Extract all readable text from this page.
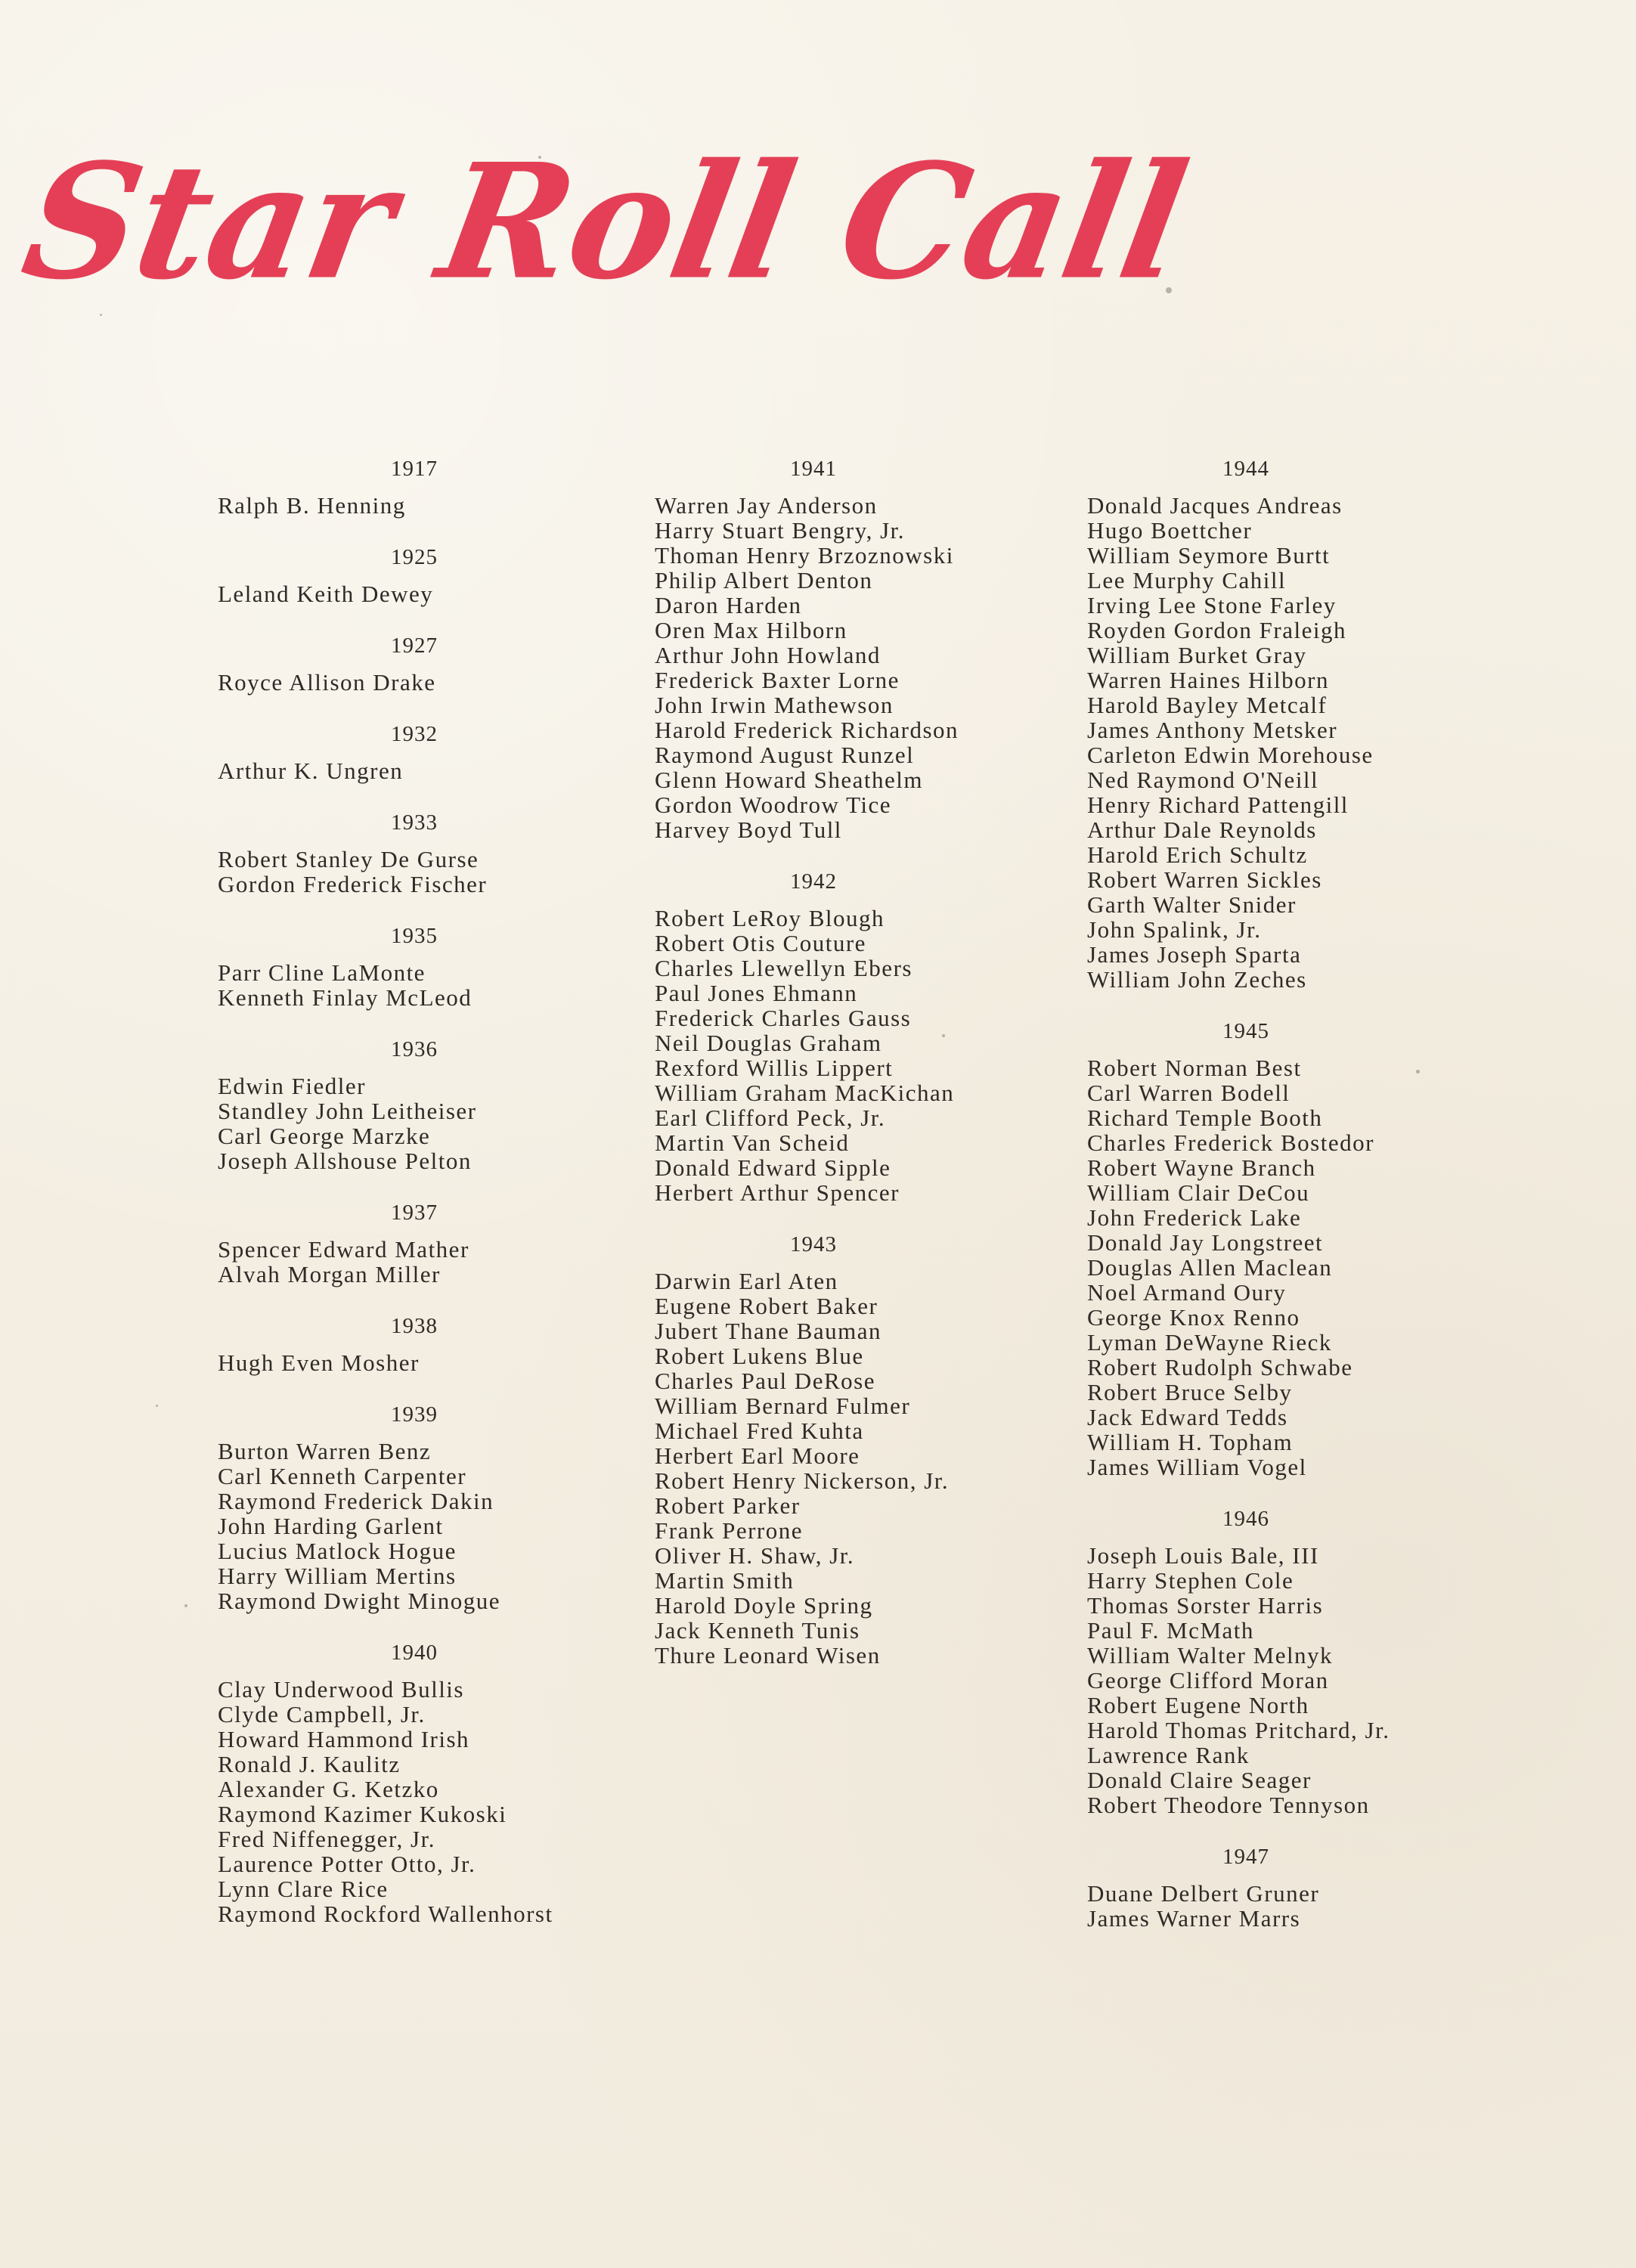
Star Roll Call
1917
Ralph B. Henning
1925
Leland Keith Dewey
1927
Royce Allison Drake
1932
Arthur K. Ungren
1933
Robert Stanley De Gurse
Gordon Frederick Fischer
1935
Parr Cline LaMonte
Kenneth Finlay McLeod
1936
Edwin Fiedler
Standley John Leitheiser
Carl George Marzke
Joseph Allshouse Pelton
1937
Spencer Edward Mather
Alvah Morgan Miller
1938
Hugh Even Mosher
1939
Burton Warren Benz
Carl Kenneth Carpenter
Raymond Frederick Dakin
John Harding Garlent
Lucius Matlock Hogue
Harry William Mertins
Raymond Dwight Minogue
1940
Clay Underwood Bullis
Clyde Campbell, Jr.
Howard Hammond Irish
Ronald J. Kaulitz
Alexander G. Ketzko
Raymond Kazimer Kukoski
Fred Niffenegger, Jr.
Laurence Potter Otto, Jr.
Lynn Clare Rice
Raymond Rockford Wallenhorst
1941
Warren Jay Anderson
Harry Stuart Bengry, Jr.
Thoman Henry Brzoznowski
Philip Albert Denton
Daron Harden
Oren Max Hilborn
Arthur John Howland
Frederick Baxter Lorne
John Irwin Mathewson
Harold Frederick Richardson
Raymond August Runzel
Glenn Howard Sheathelm
Gordon Woodrow Tice
Harvey Boyd Tull
1942
Robert LeRoy Blough
Robert Otis Couture
Charles Llewellyn Ebers
Paul Jones Ehmann
Frederick Charles Gauss
Neil Douglas Graham
Rexford Willis Lippert
William Graham MacKichan
Earl Clifford Peck, Jr.
Martin Van Scheid
Donald Edward Sipple
Herbert Arthur Spencer
1943
Darwin Earl Aten
Eugene Robert Baker
Jubert Thane Bauman
Robert Lukens Blue
Charles Paul DeRose
William Bernard Fulmer
Michael Fred Kuhta
Herbert Earl Moore
Robert Henry Nickerson, Jr.
Robert Parker
Frank Perrone
Oliver H. Shaw, Jr.
Martin Smith
Harold Doyle Spring
Jack Kenneth Tunis
Thure Leonard Wisen
1944
Donald Jacques Andreas
Hugo Boettcher
William Seymore Burtt
Lee Murphy Cahill
Irving Lee Stone Farley
Royden Gordon Fraleigh
William Burket Gray
Warren Haines Hilborn
Harold Bayley Metcalf
James Anthony Metsker
Carleton Edwin Morehouse
Ned Raymond O'Neill
Henry Richard Pattengill
Arthur Dale Reynolds
Harold Erich Schultz
Robert Warren Sickles
Garth Walter Snider
John Spalink, Jr.
James Joseph Sparta
William John Zeches
1945
Robert Norman Best
Carl Warren Bodell
Richard Temple Booth
Charles Frederick Bostedor
Robert Wayne Branch
William Clair DeCou
John Frederick Lake
Donald Jay Longstreet
Douglas Allen Maclean
Noel Armand Oury
George Knox Renno
Lyman DeWayne Rieck
Robert Rudolph Schwabe
Robert Bruce Selby
Jack Edward Tedds
William H. Topham
James William Vogel
1946
Joseph Louis Bale, III
Harry Stephen Cole
Thomas Sorster Harris
Paul F. McMath
William Walter Melnyk
George Clifford Moran
Robert Eugene North
Harold Thomas Pritchard, Jr.
Lawrence Rank
Donald Claire Seager
Robert Theodore Tennyson
1947
Duane Delbert Gruner
James Warner Marrs
